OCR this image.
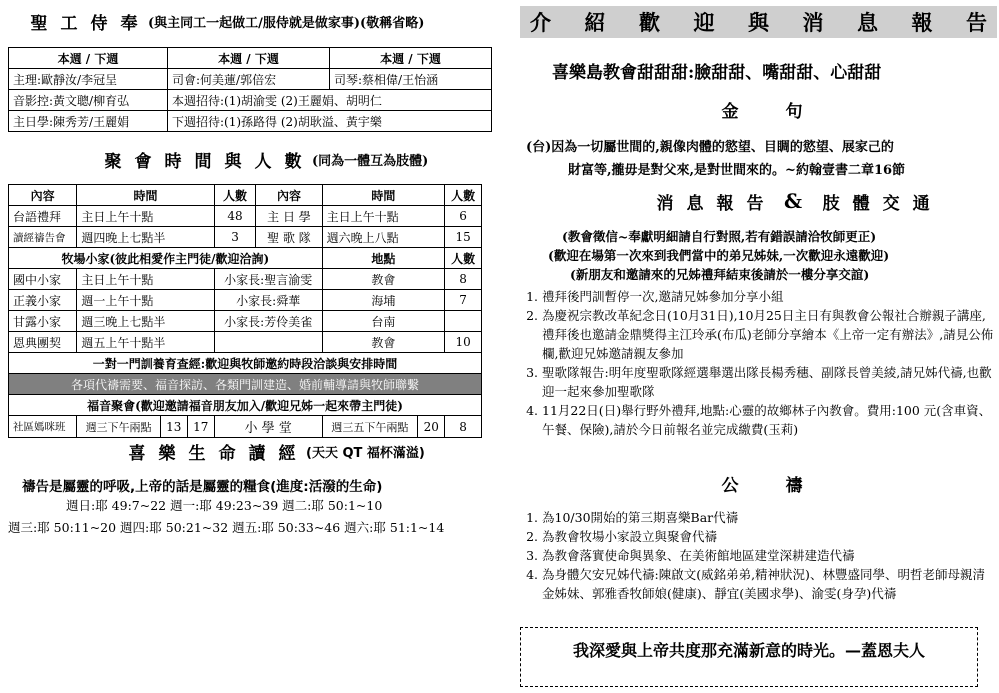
聖 工 侍 奉 (與主同工一起做工/服侍就是做家事)(敬稱省略)
本週 / 下週	本週 / 下週	本週 / 下週
主理:歐靜汝/李冠呈	司會:何美蓮/郭倍宏	司琴:蔡相偉/王怡涵
音影控:黃文聰/柳育弘	本週招待:(1)胡渝雯 (2)王麗娟、胡明仁	
主日學:陳秀芳/王麗娟	下週招待:(1)孫路得 (2)胡耿溢、黃宇樂	
聚 會 時 間 與 人 數 (同為一體互為肢體)
內容	時間			人數	內容	時間		人數
台語禮拜	主日上午十點			48	主 日 學	主日上午十點		6
讀經禱告會	週四晚上七點半			3	聖 歌 隊	週六晚上八點		15
牧場小家(彼此相愛作主門徒/歡迎洽詢)						地點		人數
國中小家	主日上午十點			小家長:聖言渝雯		教會		8
正義小家	週一上午十點			小家長:舜華		海埔		7
甘露小家	週三晚上七點半			小家長:芳伶美雀		台南		
恩典團契	週五上午十點半					教會		10
一對一門訓養育查經:歡迎與牧師邀約時段洽談與安排時間								
各項代禱需要、福音探訪、各類門訓建造、婚前輔導請與牧師聯繫								
福音聚會(歡迎邀請福音朋友加入/歡迎兄姊一起來帶主門徒)								
社區媽咪班	週三下午兩點	13	17	小 學 堂		週三五下午兩點	20	8
喜 樂 生 命 讀 經 (天天 QT 福杯滿溢)
禱告是屬靈的呼吸,上帝的話是屬靈的糧食(進度:活潑的生命)
週日:耶 49:7~22 週一:耶 49:23~39 週二:耶 50:1~10
週三:耶 50:11~20 週四:耶 50:21~32 週五:耶 50:33~46 週六:耶 51:1~14
介 紹 歡 迎 與 消 息 報 告
喜樂島教會甜甜甜:臉甜甜、嘴甜甜、心甜甜
金	句
(台)因為一切屬世間的,親像肉體的慾望、目睭的慾望、展家己的
財富等,攏毋是對父來,是對世間來的。~約翰壹書二章16節
消 息 報 告 & 肢 體 交 通
(教會徵信~奉獻明細請自行對照,若有錯誤請洽牧師更正)
(歡迎在場第一次來到我們當中的弟兄姊妹,一次歡迎永遠歡迎)
(新朋友和邀請來的兄姊禮拜結束後請於一樓分享交誼)
1. 禮拜後門訓暫停一次,邀請兄姊參加分享小組
2. 為慶祝宗教改革紀念日(10月31日),10月25日主日有與教會公報社合辦親子講座,禮拜後也邀請金鼎獎得主江玲承(布瓜)老師分享繪本《上帝一定有辦法》,請見公佈欄,歡迎兄姊邀請親友參加
3. 聖歌隊報告:明年度聖歌隊經選舉選出隊長楊秀穗、副隊長曾美綾,請兄姊代禱,也歡迎一起來參加聖歌隊
4. 11月22日(日)舉行野外禮拜,地點:心靈的故鄉林子內教會。費用:100 元(含車資、午餐、保險),請於今日前報名並完成繳費(玉莉)
公	禱
1. 為10/30開始的第三期喜樂Bar代禱
2. 為教會牧場小家設立與聚會代禱
3. 為教會落實使命與異象、在美術館地區建堂深耕建造代禱
4. 為身體欠安兄姊代禱:陳啟文(威銘弟弟,精神狀況)、林豐盛同學、明哲老師母親清金姊妹、郭雅香牧師娘(健康)、靜宜(美國求學)、渝雯(身孕)代禱
我深愛與上帝共度那充滿新意的時光。—蓋恩夫人
